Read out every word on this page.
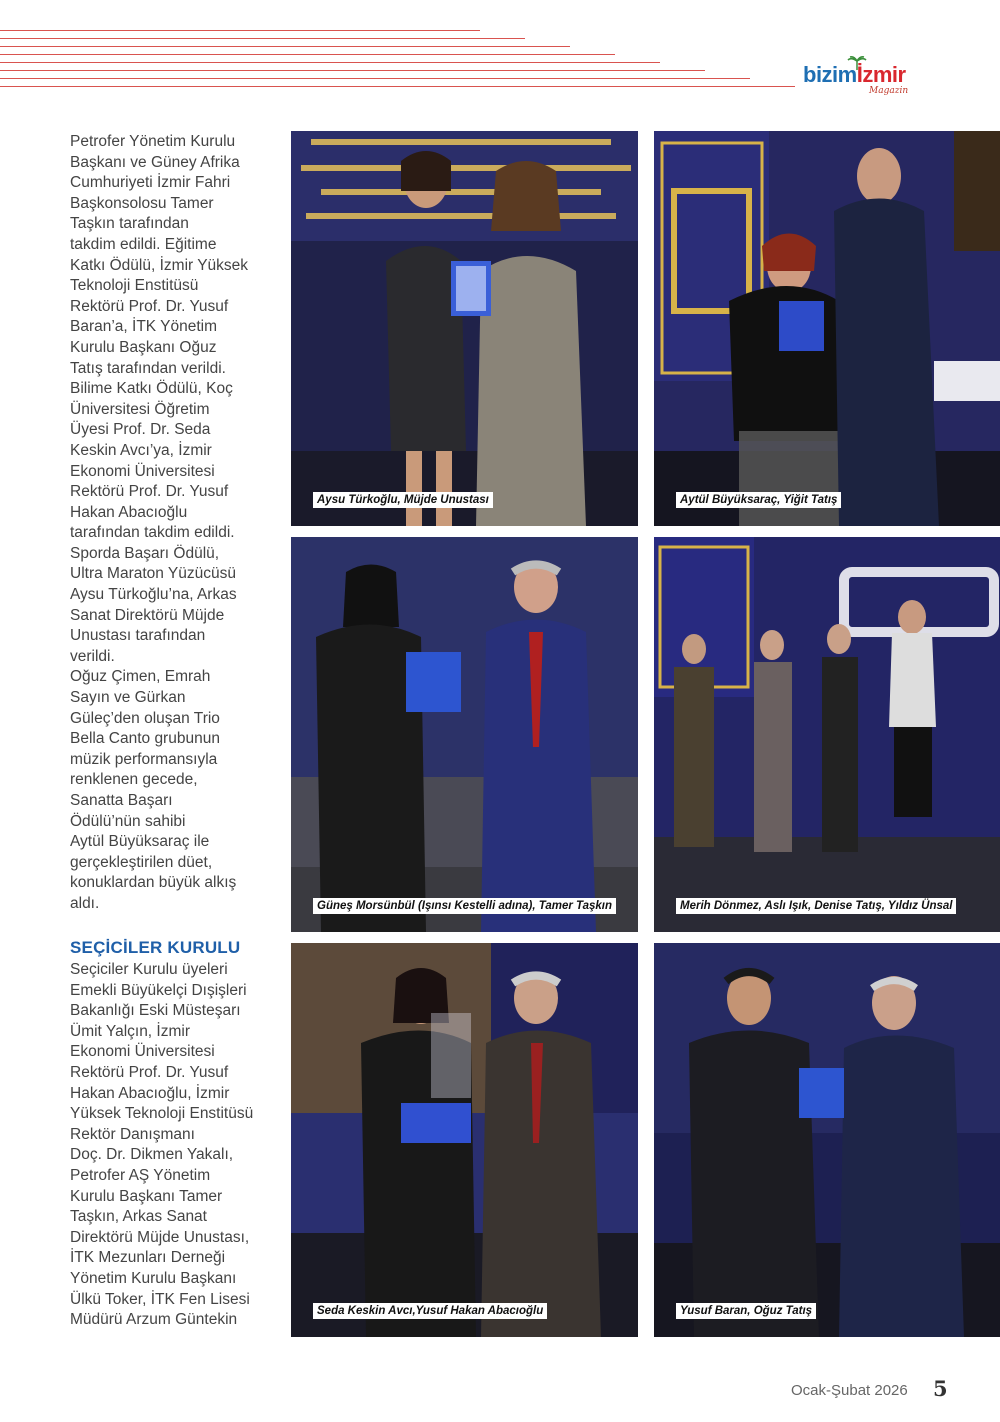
bizimİzmir
Magazin

Petrofer Yönetim Kurulu

Başkanı ve Güney Afrika

Cumhuriyeti İzmir Fahri

Başkonsolosu Tamer

Taşkın tarafından

takdim edildi. Eğitime

Katkı Ödülü, İzmir Yüksek

Teknoloji Enstitüsü

Rektörü Prof. Dr. Yusuf

Baran’a, İTK Yönetim

Kurulu Başkanı Oğuz

Tatış tarafından verildi.

Bilime Katkı Ödülü, Koç

Üniversitesi Öğretim

Üyesi Prof. Dr. Seda

Keskin Avcı’ya, İzmir

Ekonomi Üniversitesi

Rektörü Prof. Dr. Yusuf

Hakan Abacıoğlu

tarafından takdim edildi.

Sporda Başarı Ödülü,

Ultra Maraton Yüzücüsü

Aysu Türkoğlu’na, Arkas

Sanat Direktörü Müjde

Unustası tarafından

verildi.

Oğuz Çimen, Emrah

Sayın ve Gürkan

Güleç’den oluşan Trio

Bella Canto grubunun

müzik performansıyla

renklenen gecede,

Sanatta Başarı

Ödülü’nün sahibi

Aytül Büyüksaraç ile

gerçekleştirilen düet,

konuklardan büyük alkış

aldı.

SEÇİCİLER KURULU

Seçiciler Kurulu üyeleri

Emekli Büyükelçi Dışişleri

Bakanlığı Eski Müsteşarı

Ümit Yalçın, İzmir

Ekonomi Üniversitesi

Rektörü Prof. Dr. Yusuf

Hakan Abacıoğlu, İzmir

Yüksek Teknoloji Enstitüsü

Rektör Danışmanı

Doç. Dr. Dikmen Yakalı,

Petrofer AŞ Yönetim

Kurulu Başkanı Tamer

Taşkın, Arkas Sanat

Direktörü Müjde Unustası,

İTK Mezunları Derneği

Yönetim Kurulu Başkanı

Ülkü Toker, İTK Fen Lisesi

Müdürü Arzum Güntekin

Aysu Türkoğlu, Müjde Unustası	Aytül Büyüksaraç, Yiğit Tatış
Güneş Morsünbül (Işınsı Kestelli adına), Tamer Taşkın	Merih Dönmez, Aslı Işık, Denise Tatış, Yıldız Ünsal
Seda Keskin Avcı,Yusuf Hakan Abacıoğlu	Yusuf Baran, Oğuz Tatış
Ocak-Şubat 2026 5
